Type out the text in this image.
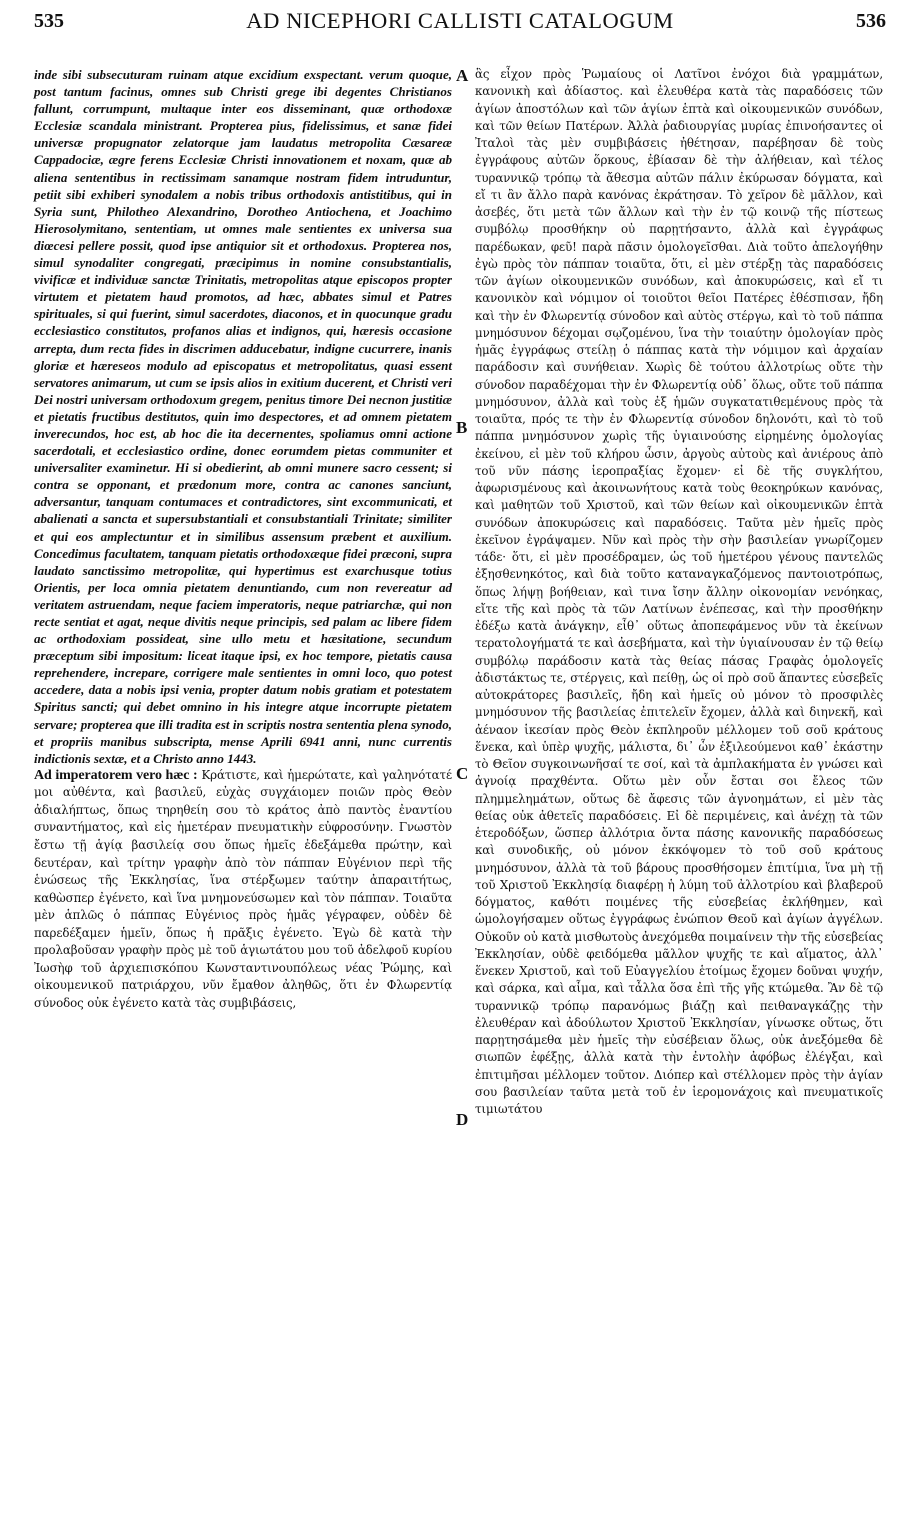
535	AD NICEPHORI CALLISTI CATALOGUM	536

inde sibi subsecuturam ruinam atque excidium exspectant. verum quoque, post tantum facinus, omnes sub Christi grege ibi degentes Christianos fallunt, corrumpunt, multaque inter eos disseminant, quæ orthodoxæ Ecclesiæ scandala ministrant. Propterea pius, fidelissimus, et sanæ fidei universæ propugnator zelatorque jam laudatus metropolita Cæsareæ Cappadociæ, ægre ferens Ecclesiæ Christi innovationem et noxam, quæ ab aliena sententibus in rectissimam sanamque nostram fidem intruduntur, petiit sibi exhiberi synodalem a nobis tribus orthodoxis antistitibus, qui in Syria sunt, Philotheo Alexandrino, Dorotheo Antiochena, et Joachimo Hierosolymitano, sententiam, ut omnes male sentientes ex universa sua diœcesi pellere possit, quod ipse antiquior sit et orthodoxus. Propterea nos, simul synodaliter congregati, præcipimus in nomine consubstantialis, vivificæ et individuæ sanctæ Trinitatis, metropolitas atque episcopos propter virtutem et pietatem haud promotos, ad hæc, abbates simul et Patres spirituales, si qui fuerint, simul sacerdotes, diaconos, et in quocunque gradu ecclesiastico constitutos, profanos alias et indignos, qui, hæresis occasione arrepta, dum recta fides in discrimen adducebatur, indigne cucurrere, inanis gloriæ et hæreseos modulo ad episcopatus et metropolitatus, quasi essent servatores animarum, ut cum se ipsis alios in exitium ducerent, et Christi veri Dei nostri universam orthodoxum gregem, penitus timore Dei necnon justitiæ et pietatis fructibus destitutos, quin imo despectores, et ad omnem pietatem inverecundos, hoc est, ab hoc die ita decernentes, spoliamus omni actione sacerdotali, et ecclesiastico ordine, donec eorumdem pietas communiter et universaliter examinetur. Hi si obedierint, ab omni munere sacro cessent; si contra se opponant, et prædonum more, contra ac canones sanciunt, adversantur, tanquam contumaces et contradictores, sint excommunicati, et abalienati a sancta et supersubstantiali et consubstantiali Trinitate; similiter et qui eos amplectuntur et in similibus assensum præbent et auxilium. Concedimus facultatem, tanquam pietatis orthodoxæque fidei præconi, supra laudato sanctissimo metropolitæ, qui hypertimus est exarchusque totius Orientis, per loca omnia pietatem denuntiando, cum non revereatur ad veritatem astruendam, neque faciem imperatoris, neque patriarchæ, qui non recte sentiat et agat, neque divitis neque principis, sed palam ac libere fidem ac orthodoxiam possideat, sine ullo metu et hæsitatione, secundum præceptum sibi impositum: liceat itaque ipsi, ex hoc tempore, pietatis causa reprehendere, increpare, corrigere male sentientes in omni loco, quo potest accedere, data a nobis ipsi venia, propter datum nobis gratiam et potestatem Spiritus sancti; qui debet omnino in his integre atque incorrupte pietatem servare; propterea que illi tradita est in scriptis nostra sententia plena synodo, et propriis manibus subscripta, mense Aprili 6941 anni, nunc currentis indictionis sextæ, et a Christo anno 1443.

Ad imperatorem vero hæc : Κράτιστε, καὶ ἡμερώτατε, καὶ γαληνότατέ μοι αὐθέντα, καὶ βασιλεῦ, εὐχὰς συγχάιομεν ποιῶν πρὸς Θεὸν ἀδιαλήπτως, ὅπως τηρηθείη σου τὸ κράτος ἀπὸ παντὸς ἐναντίου συναντήματος, καὶ εἰς ἡμετέραν πνευματικὴν εὐφροσύνην. Γνωστὸν ἔστω τῇ ἁγίᾳ βασιλείᾳ σου ὅπως ἡμεῖς ἐδεξάμεθα πρώτην, καὶ δευτέραν, καὶ τρίτην γραφὴν ἀπὸ τὸν πάππαν Εὐγένιον περὶ τῆς ἑνώσεως τῆς Ἐκκλησίας, ἵνα στέρξωμεν ταύτην ἀπαραιτήτως, καθὼσπερ ἐγένετο, καὶ ἵνα μνημονεύσωμεν καὶ τὸν πάππαν. Τοιαῦτα μὲν ἁπλῶς ὁ πάππας Εὐγένιος πρὸς ἡμᾶς γέγραφεν, οὐδὲν δὲ παρεδέξαμεν ἡμεῖν, ὅπως ἡ πρᾶξις ἐγένετο. Ἐγὼ δὲ κατὰ τὴν προλαβοῦσαν γραφὴν πρὸς μὲ τοῦ ἁγιωτάτου μου τοῦ ἀδελφοῦ κυρίου Ἰωσὴφ τοῦ ἀρχιεπισκόπου Κωνσταντινουπόλεως νέας Ῥώμης, καὶ οἰκουμενικοῦ πατριάρχου, νῦν ἔμαθον ἀληθῶς, ὅτι ἐν Φλωρεντίᾳ σύνοδος οὐκ ἐγένετο κατὰ τὰς συμβιβάσεις,

ἃς εἶχον πρὸς Ῥωμαίους οἱ Λατῖνοι ἐνόχοι διὰ γραμμάτων, κανονικὴ καὶ ἀδίαστος. καὶ ἐλευθέρα κατὰ τὰς παραδόσεις τῶν ἁγίων ἀποστόλων καὶ τῶν ἁγίων ἑπτὰ καὶ οἰκουμενικῶν συνόδων, καὶ τῶν θείων Πατέρων. Ἀλλὰ ῥαδιουργίας μυρίας ἐπινοήσαντες οἱ Ἰταλοὶ τὰς μὲν συμβιβάσεις ἠθέτησαν, παρέβησαν δὲ τοὺς ἐγγράφους αὐτῶν ὅρκους, ἐβίασαν δὲ τὴν ἀλήθειαν, καὶ τέλος τυραννικῷ τρόπῳ τὰ ἄθεσμα αὐτῶν πάλιν ἐκύρωσαν δόγματα, καὶ εἴ τι ἂν ἄλλο παρὰ κανόνας ἐκράτησαν. Τὸ χεῖρον δὲ μᾶλλον, καὶ ἀσεβές, ὅτι μετὰ τῶν ἄλλων καὶ τὴν ἐν τῷ κοινῷ τῆς πίστεως συμβόλῳ προσθήκην οὐ παρῃτήσαντο, ἀλλὰ καὶ ἐγγράφως παρέδωκαν, φεῦ! παρὰ πᾶσιν ὁμολογεῖσθαι. Διὰ τοῦτο ἀπελογήθην ἐγὼ πρὸς τὸν πάππαν τοιαῦτα, ὅτι, εἰ μὲν στέρξῃ τὰς παραδόσεις τῶν ἁγίων οἰκουμενικῶν συνόδων, καὶ ἀποκυρώσεις, καὶ εἴ τι κανονικὸν καὶ νόμιμον οἱ τοιοῦτοι θεῖοι Πατέρες ἐθέσπισαν, ἤδη καὶ τὴν ἐν Φλωρεντίᾳ σύνοδον καὶ αὐτὸς στέργω, καὶ τὸ τοῦ πάππα μνημόσυνον δέχομαι σῳζομένου, ἵνα τὴν τοιαύτην ὁμολογίαν πρὸς ἡμᾶς ἐγγράφως στείλῃ ὁ πάππας κατὰ τὴν νόμιμον καὶ ἀρχαίαν παράδοσιν καὶ συνήθειαν. Χωρὶς δὲ τούτου ἀλλοτρίως οὔτε τὴν σύνοδον παραδέχομαι τὴν ἐν Φλωρεντίᾳ οὐδ᾽ ὅλως, οὔτε τοῦ πάππα μνημόσυνον, ἀλλὰ καὶ τοὺς ἐξ ἡμῶν συγκατατιθεμένους πρὸς τὰ τοιαῦτα, πρός τε τὴν ἐν Φλωρεντίᾳ σύνοδον δηλονότι, καὶ τὸ τοῦ πάππα μνημόσυνον χωρὶς τῆς ὑγιαινούσης εἰρημένης ὁμολογίας ἐκείνου, εἰ μὲν τοῦ κλήρου ὦσιν, ἀργοὺς αὐτοὺς καὶ ἀνιέρους ἀπὸ τοῦ νῦν πάσης ἱεροπραξίας ἔχομεν· εἰ δὲ τῆς συγκλήτου, ἀφωρισμένους καὶ ἀκοινωνήτους κατὰ τοὺς θεοκηρύκων κανόνας, καὶ μαθητῶν τοῦ Χριστοῦ, καὶ τῶν θείων καὶ οἰκουμενικῶν ἑπτὰ συνόδων ἀποκυρώσεις καὶ παραδόσεις. Ταῦτα μὲν ἡμεῖς πρὸς ἐκεῖνον ἐγράψαμεν. Νῦν καὶ πρὸς τὴν σὴν βασιλείαν γνωρίζομεν τάδε· ὅτι, εἰ μὲν προσέδραμεν, ὡς τοῦ ἡμετέρου γένους παντελῶς ἐξησθενηκότος, καὶ διὰ τοῦτο καταναγκαζόμενος παντοιοτρόπως, ὅπως λήψῃ βοήθειαν, καὶ τινα ἴσην ἄλλην οἰκονομίαν νενόηκας, εἴτε τῆς καὶ πρὸς τὰ τῶν Λατίνων ἐνέπεσας, καὶ τὴν προσθήκην ἐδέξω κατὰ ἀνάγκην, εἶθ᾽ οὕτως ἀποπεφάμενος νῦν τὰ ἐκείνων τερατολογήματά τε καὶ ἀσεβήματα, καὶ τὴν ὑγιαίνουσαν ἐν τῷ θείῳ συμβόλῳ παράδοσιν κατὰ τὰς θείας πάσας Γραφὰς ὁμολογεῖς ἀδιστάκτως τε, στέργεις, καὶ πείθῃ, ὡς οἱ πρὸ σοῦ ἅπαντες εὐσεβεῖς αὐτοκράτορες βασιλεῖς, ἤδη καὶ ἡμεῖς οὐ μόνον τὸ προσφιλὲς μνημόσυνον τῆς βασιλείας ἐπιτελεῖν ἔχομεν, ἀλλὰ καὶ διηνεκῆ, καὶ ἀέναον ἱκεσίαν πρὸς Θεὸν ἐκπληροῦν μέλλομεν τοῦ σοῦ κράτους ἕνεκα, καὶ ὑπὲρ ψυχῆς, μάλιστα, δι᾽ ὧν ἐξιλεούμενοι καθ᾽ ἑκάστην τὸ Θεῖον συγκοινωνῆσαί τε σοί, καὶ τὰ ἀμπλακήματα ἐν γνώσει καὶ ἀγνοίᾳ πραχθέντα. Οὕτω μὲν οὖν ἔσται σοι ἔλεος τῶν πλημμελημάτων, οὕτως δὲ ἄφεσις τῶν ἀγνοημάτων, εἰ μὲν τὰς θείας οὐκ ἀθετεῖς παραδόσεις. Εἰ δὲ περιμένεις, καὶ ἀνέχῃ τὰ τῶν ἑτεροδόξων, ὥσπερ ἀλλότρια ὄντα πάσης κανονικῆς παραδόσεως καὶ συνοδικῆς, οὐ μόνον ἐκκόψομεν τὸ τοῦ σοῦ κράτους μνημόσυνον, ἀλλὰ τὰ τοῦ βάρους προσθήσομεν ἐπιτίμια, ἵνα μὴ τῇ τοῦ Χριστοῦ Ἐκκλησίᾳ διαφέρῃ ἡ λύμη τοῦ ἀλλοτρίου καὶ βλαβεροῦ δόγματος, καθότι ποιμένες τῆς εὐσεβείας ἐκλήθημεν, καὶ ὡμολογήσαμεν οὕτως ἐγγράφως ἐνώπιον Θεοῦ καὶ ἁγίων ἀγγέλων. Οὐκοῦν οὐ κατὰ μισθωτοὺς ἀνεχόμεθα ποιμαίνειν τὴν τῆς εὐσεβείας Ἐκκλησίαν, οὐδὲ φειδόμεθα μᾶλλον ψυχῆς τε καὶ αἵματος, ἀλλ᾽ ἕνεκεν Χριστοῦ, καὶ τοῦ Εὐαγγελίου ἑτοίμως ἔχομεν δοῦναι ψυχήν, καὶ σάρκα, καὶ αἷμα, καὶ τἆλλα ὅσα ἐπὶ τῆς γῆς κτώμεθα. Ἂν δὲ τῷ τυραννικῷ τρόπῳ παρανόμως βιάζῃ καὶ πειθαναγκάζῃς τὴν ἐλευθέραν καὶ ἀδούλωτον Χριστοῦ Ἐκκλησίαν, γίνωσκε οὕτως, ὅτι παρῃτησάμεθα μὲν ἡμεῖς τὴν εὐσέβειαν ὅλως, οὐκ ἀνεξόμεθα δὲ σιωπῶν ἐφέξῃς, ἀλλὰ κατὰ τὴν ἐντολὴν ἀφόβως ἐλέγξαι, καὶ ἐπιτιμῆσαι μέλλομεν τοῦτον. Διόπερ καὶ στέλλομεν πρὸς τὴν ἁγίαν σου βασιλείαν ταῦτα μετὰ τοῦ ἐν ἱερομονάχοις καὶ πνευματικοῖς τιμιωτάτου

A
B
C
D
